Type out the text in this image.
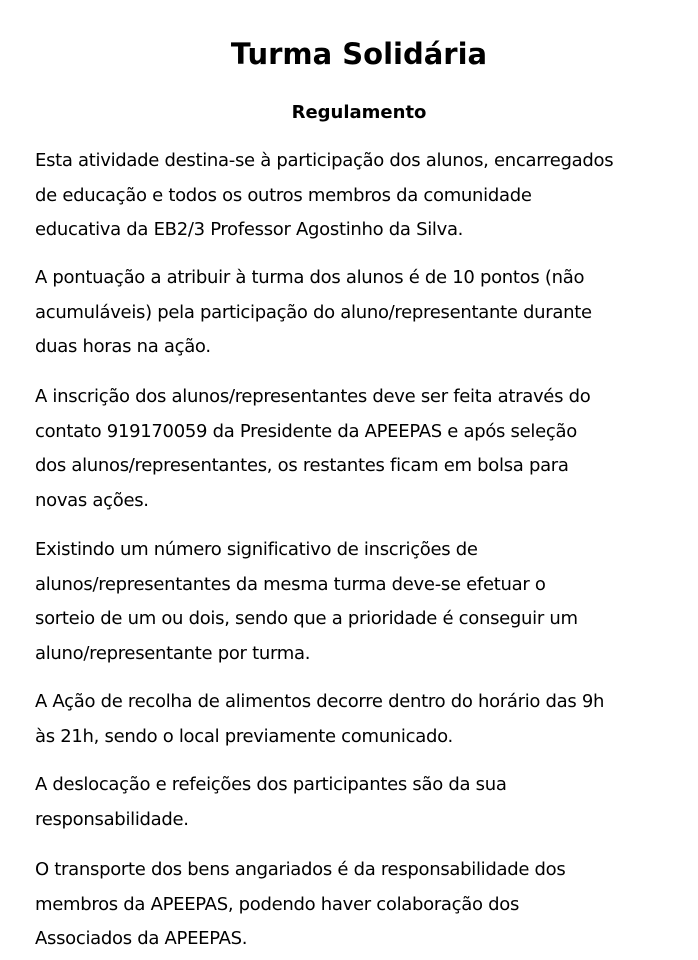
Turma Solidária
Regulamento

Esta atividade destina-se à participação dos alunos, encarregados
de educação e todos os outros membros da comunidade
educativa da EB2/3 Professor Agostinho da Silva.

A pontuação a atribuir à turma dos alunos é de 10 pontos (não
acumuláveis) pela participação do aluno/representante durante
duas horas na ação.

A inscrição dos alunos/representantes deve ser feita através do
contato 919170059 da Presidente da APEEPAS e após seleção
dos alunos/representantes, os restantes ficam em bolsa para
novas ações.

Existindo um número significativo de inscrições de
alunos/representantes da mesma turma deve-se efetuar o
sorteio de um ou dois, sendo que a prioridade é conseguir um
aluno/representante por turma.

A Ação de recolha de alimentos decorre dentro do horário das 9h
às 21h, sendo o local previamente comunicado.

A deslocação e refeições dos participantes são da sua
responsabilidade.

O transporte dos bens angariados é da responsabilidade dos
membros da APEEPAS, podendo haver colaboração dos
Associados da APEEPAS.
